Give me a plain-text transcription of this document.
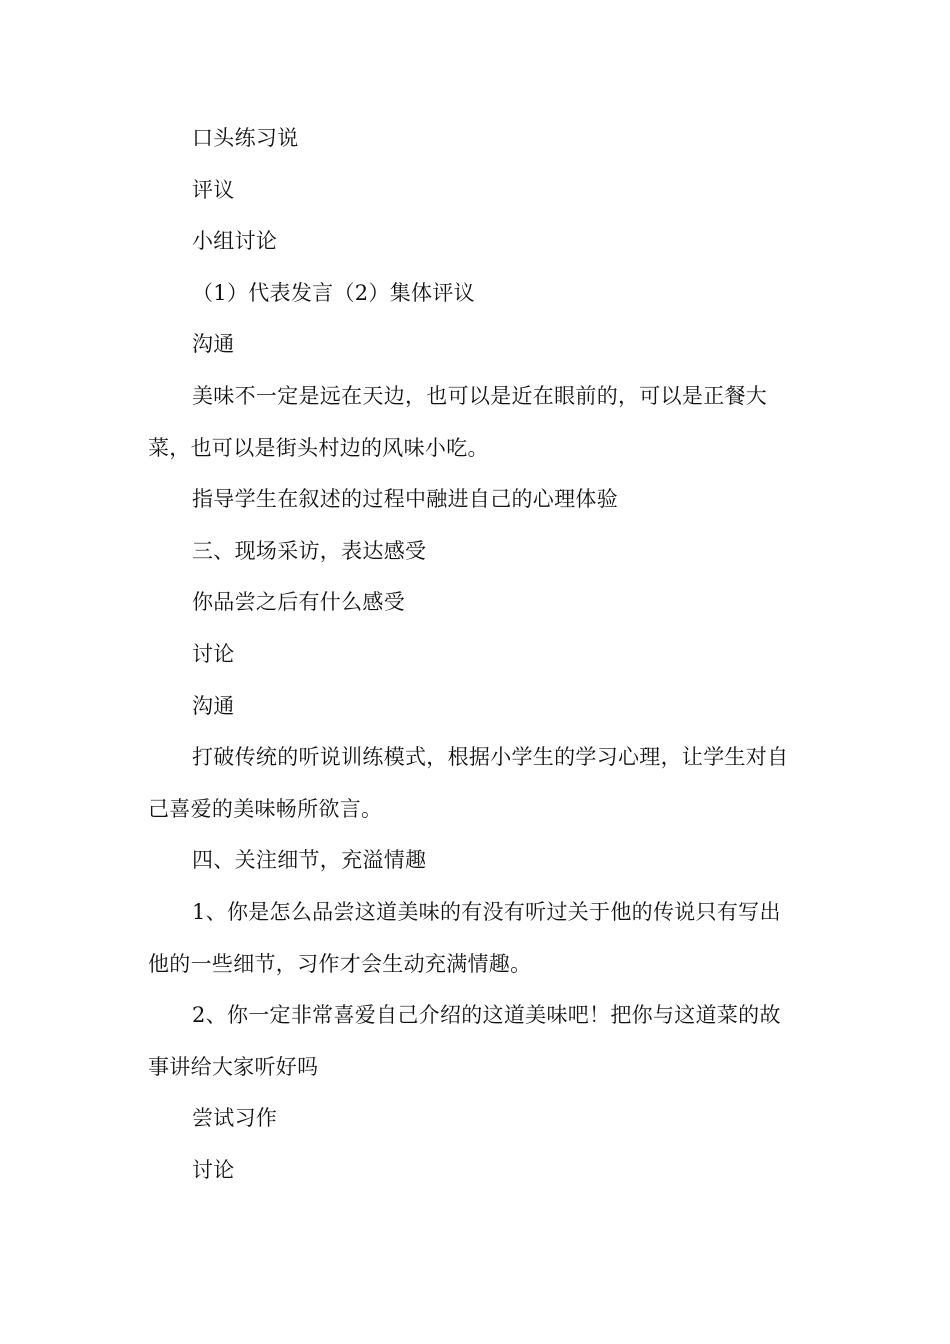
口头练习说

评议

小组讨论

（1）代表发言（2）集体评议

沟通

美味不一定是远在天边，也可以是近在眼前的，可以是正餐大菜，也可以是街头村边的风味小吃。

指导学生在叙述的过程中融进自己的心理体验

三、现场采访，表达感受

你品尝之后有什么感受

讨论

沟通

打破传统的听说训练模式，根据小学生的学习心理，让学生对自己喜爱的美味畅所欲言。

四、关注细节，充溢情趣

1、你是怎么品尝这道美味的有没有听过关于他的传说只有写出他的一些细节，习作才会生动充满情趣。

2、你一定非常喜爱自己介绍的这道美味吧！把你与这道菜的故事讲给大家听好吗

尝试习作

讨论
